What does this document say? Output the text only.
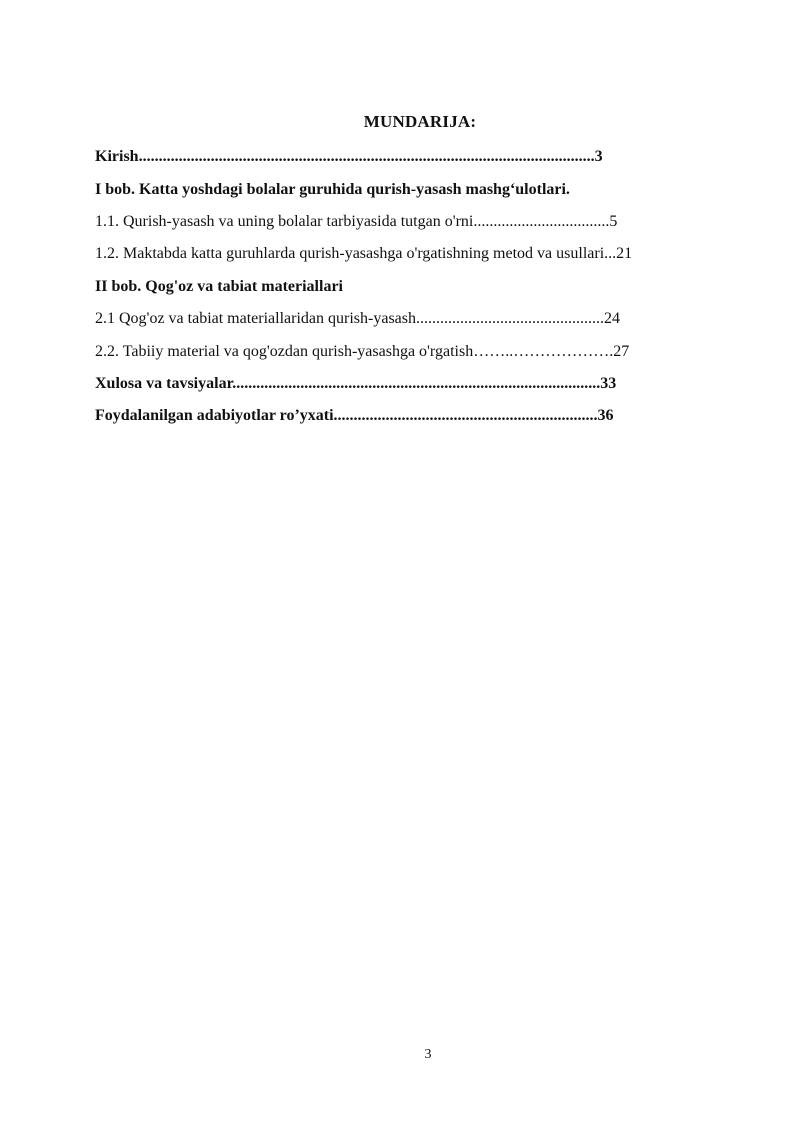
MUNDARIJA:
Kirish..................................................................................................................3
I bob. Katta yoshdagi bolalar guruhida qurish-yasash mashg‘ulotlari.
1.1. Qurish-yasash va uning bolalar tarbiyasida tutgan o'rni..................................5
1.2. Maktabda katta guruhlarda qurish-yasashga o'rgatishning metod va usullari...21
II bob. Qog'oz va tabiat materiallari
2.1 Qog'oz va tabiat materiallaridan qurish-yasash...............................................24
2.2. Tabiiy material va qog'ozdan qurish-yasashga o'rgatish……..……………….27
Xulosa va tavsiyalar............................................................................................33
Foydalanilgan adabiyotlar ro’yxati..................................................................36
3
